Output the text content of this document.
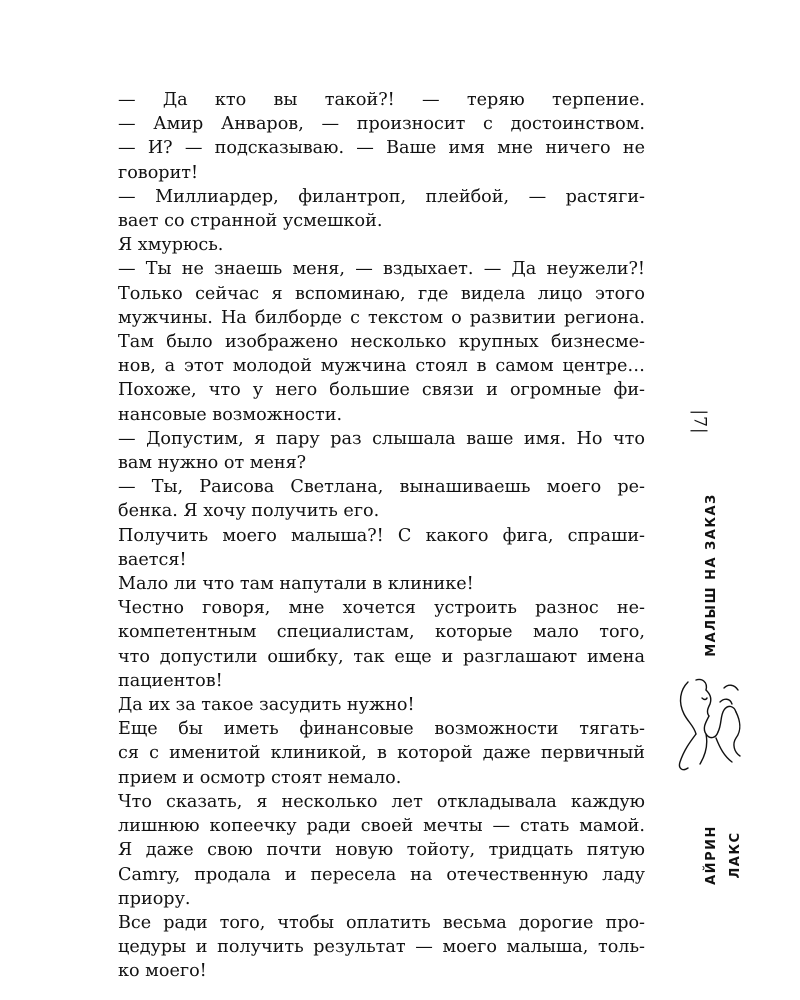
— Да кто вы такой?! — теряю терпение.
— Амир Анваров, — произносит с достоинством.
— И? — подсказываю. — Ваше имя мне ничего не
говорит!
— Миллиардер, филантроп, плейбой, — растяги-
вает со странной усмешкой.
Я хмурюсь.
— Ты не знаешь меня, — вздыхает. — Да неужели?!
Только сейчас я вспоминаю, где видела лицо этого
мужчины. На билборде с текстом о развитии региона.
Там было изображено несколько крупных бизнесме-
нов, а этот молодой мужчина стоял в самом центре…
Похоже, что у него большие связи и огромные фи-
нансовые возможности.
— Допустим, я пару раз слышала ваше имя. Но что
вам нужно от меня?
— Ты, Раисова Светлана, вынашиваешь моего ре-
бенка. Я хочу получить его.
Получить моего малыша?! С какого фига, спраши-
вается!
Мало ли что там напутали в клинике!
Честно говоря, мне хочется устроить разнос не-
компетентным специалистам, которые мало того,
что допустили ошибку, так еще и разглашают имена
пациентов!
Да их за такое засудить нужно!
Еще бы иметь финансовые возможности тягать-
ся с именитой клиникой, в которой даже первичный
прием и осмотр стоят немало.
Что сказать, я несколько лет откладывала каждую
лишнюю копеечку ради своей мечты — стать мамой.
Я даже свою почти новую тойоту, тридцать пятую
Camry, продала и пересела на отечественную ладу
приору.
Все ради того, чтобы оплатить весьма дорогие про-
цедуры и получить результат — моего малыша, толь-
ко моего!
|7|
МАЛЫШ НА ЗАКАЗ
АЙРИН ЛАКС
